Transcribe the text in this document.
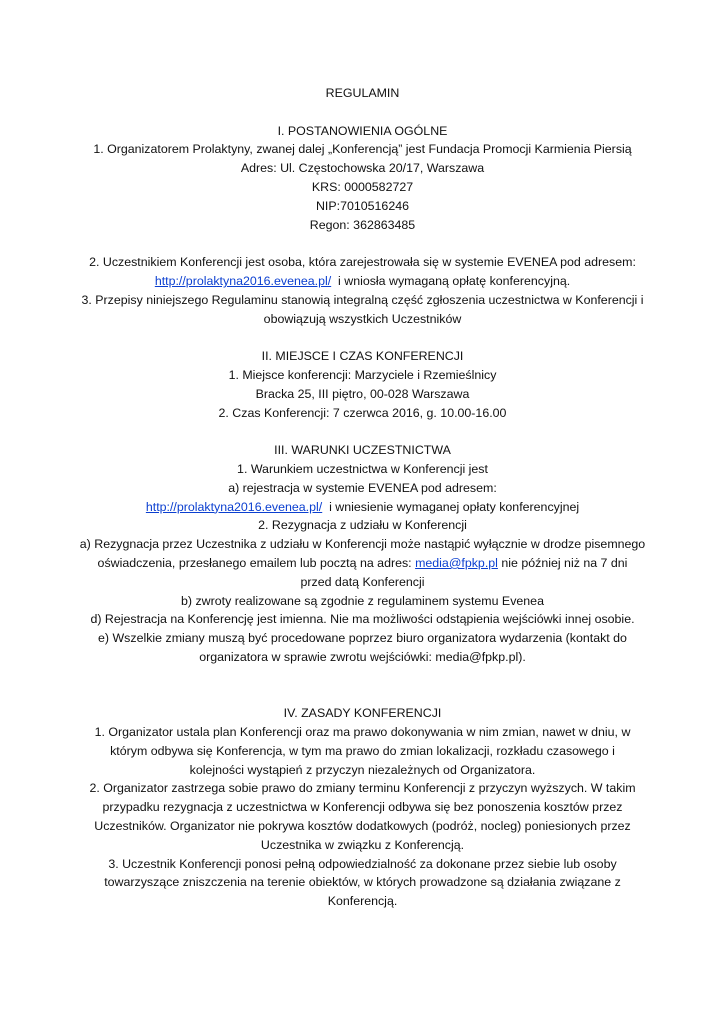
REGULAMIN
I. POSTANOWIENIA OGÓLNE
1. Organizatorem Prolaktyny, zwanej dalej „Konferencją” jest Fundacja Promocji Karmienia Piersią
Adres: Ul. Częstochowska 20/17, Warszawa
KRS: 0000582727
NIP:7010516246
Regon: 362863485
2. Uczestnikiem Konferencji jest osoba, która zarejestrowała się w systemie EVENEA pod adresem:
http://prolaktyna2016.evenea.pl/  i wniosła wymaganą opłatę konferencyjną.
3. Przepisy niniejszego Regulaminu stanowią integralną część zgłoszenia uczestnictwa w Konferencji i
obowiązują wszystkich Uczestników
II. MIEJSCE I CZAS KONFERENCJI
1. Miejsce konferencji: Marzyciele i Rzemieślnicy
Bracka 25, III piętro, 00-028 Warszawa
2. Czas Konferencji: 7 czerwca 2016, g. 10.00-16.00
III. WARUNKI UCZESTNICTWA
1. Warunkiem uczestnictwa w Konferencji jest
a) rejestracja w systemie EVENEA pod adresem:
http://prolaktyna2016.evenea.pl/  i wniesienie wymaganej opłaty konferencyjnej
2. Rezygnacja z udziału w Konferencji
a) Rezygnacja przez Uczestnika z udziału w Konferencji może nastąpić wyłącznie w drodze pisemnego
oświadczenia, przesłanego emailem lub pocztą na adres: media@fpkp.pl nie później niż na 7 dni
przed datą Konferencji
b) zwroty realizowane są zgodnie z regulaminem systemu Evenea
d) Rejestracja na Konferencję jest imienna. Nie ma możliwości odstąpienia wejściówki innej osobie.
e) Wszelkie zmiany muszą być procedowane poprzez biuro organizatora wydarzenia (kontakt do
organizatora w sprawie zwrotu wejściówki: media@fpkp.pl).
IV. ZASADY KONFERENCJI
1. Organizator ustala plan Konferencji oraz ma prawo dokonywania w nim zmian, nawet w dniu, w
którym odbywa się Konferencja, w tym ma prawo do zmian lokalizacji, rozkładu czasowego i
kolejności wystąpień z przyczyn niezależnych od Organizatora.
2. Organizator zastrzega sobie prawo do zmiany terminu Konferencji z przyczyn wyższych. W takim
przypadku rezygnacja z uczestnictwa w Konferencji odbywa się bez ponoszenia kosztów przez
Uczestników. Organizator nie pokrywa kosztów dodatkowych (podróż, nocleg) poniesionych przez
Uczestnika w związku z Konferencją.
3. Uczestnik Konferencji ponosi pełną odpowiedzialność za dokonane przez siebie lub osoby
towarzyszące zniszczenia na terenie obiektów, w których prowadzone są działania związane z
Konferencją.
